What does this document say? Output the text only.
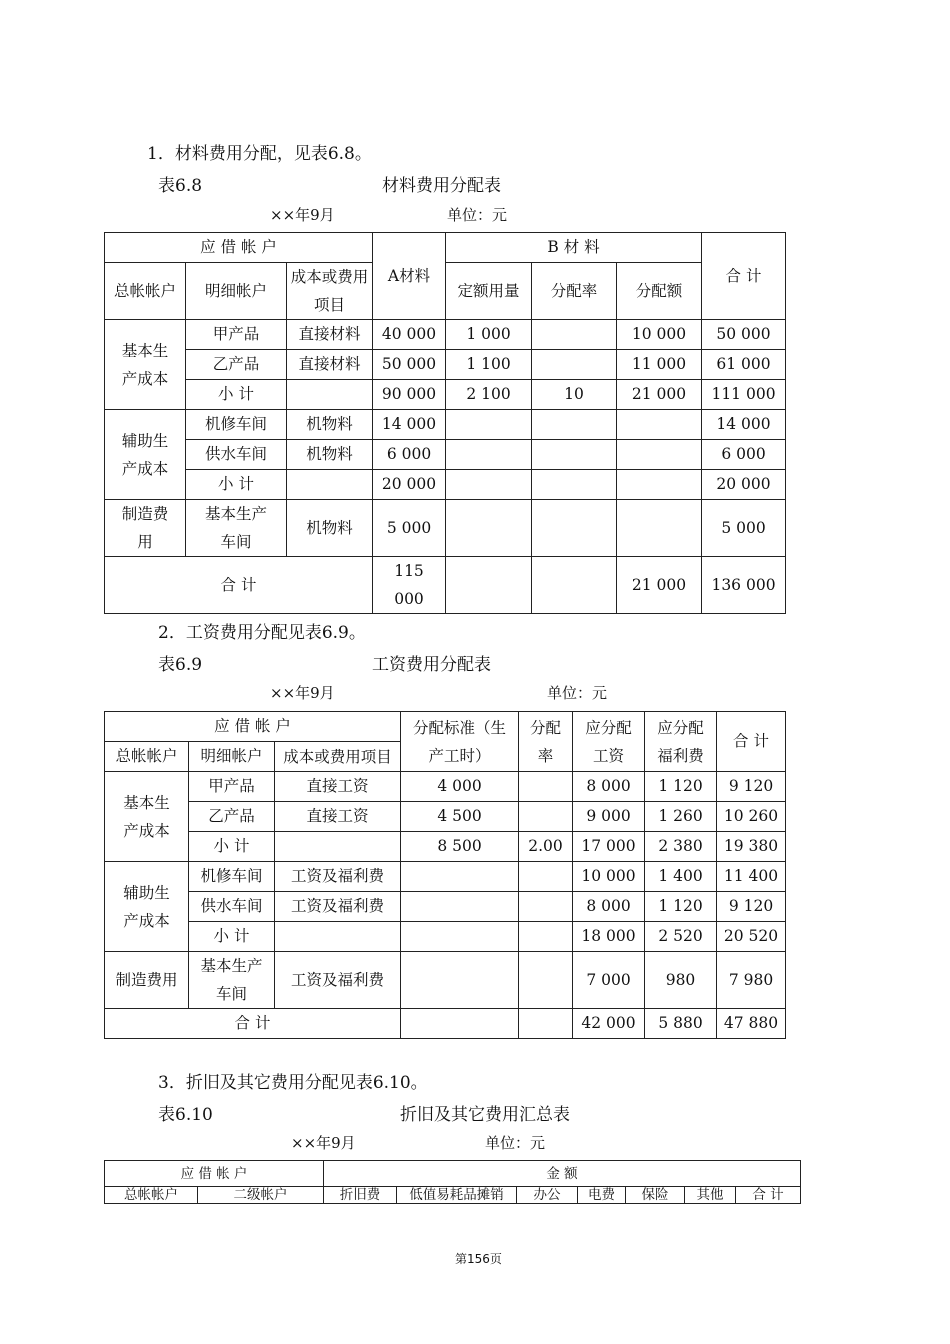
1．材料费用分配，见表6.8。
表6.8	材料费用分配表
××年9月	单位：元
应 借 帐 户			A材料	B 材 料			合 计
总帐帐户	明细帐户	成本或费用项目		定额用量	分配率	分配额	
基本生产成本	甲产品	直接材料	40 000	1 000		10 000	50 000
	乙产品	直接材料	50 000	1 100		11 000	61 000
	小 计		90 000	2 100	10	21 000	111 000
辅助生产成本	机修车间	机物料	14 000				14 000
	供水车间	机物料	6 000				6 000
	小 计		20 000				20 000
制造费用	基本生产车间	机物料	5 000				5 000
合 计			115 000			21 000	136 000
2．工资费用分配见表6.9。
表6.9	工资费用分配表
××年9月	单位：元
应 借 帐 户			分配标准（生产工时）	分配率	应分配工资	应分配福利费	合 计
总帐帐户	明细帐户	成本或费用项目					
基本生产成本	甲产品	直接工资	4 000		8 000	1 120	9 120
	乙产品	直接工资	4 500		9 000	1 260	10 260
	小 计		8 500	2.00	17 000	2 380	19 380
辅助生产成本	机修车间	工资及福利费			10 000	1 400	11 400
	供水车间	工资及福利费			8 000	1 120	9 120
	小 计				18 000	2 520	20 520
制造费用	基本生产车间	工资及福利费			7 000	980	7 980
合 计					42 000	5 880	47 880
3．折旧及其它费用分配见表6.10。
表6.10	折旧及其它费用汇总表
××年9月	单位：元
应 借 帐 户		金 额						
总帐帐户	二级帐户	折旧费	低值易耗品摊销	办公	电费	保险	其他	合 计
第156页
